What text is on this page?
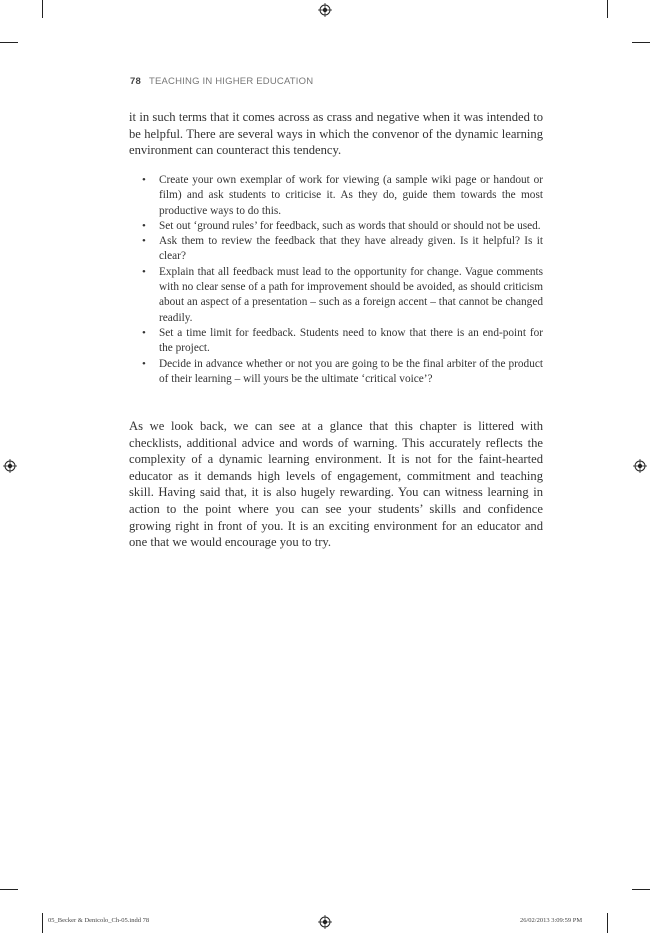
78 TEACHING IN HIGHER EDUCATION

it in such terms that it comes across as crass and negative when it was intended to be helpful. There are several ways in which the convenor of the dynamic learning environment can counteract this tendency.

• Create your own exemplar of work for viewing (a sample wiki page or handout or film) and ask students to criticise it. As they do, guide them towards the most productive ways to do this.
• Set out ‘ground rules’ for feedback, such as words that should or should not be used.
• Ask them to review the feedback that they have already given. Is it helpful? Is it clear?
• Explain that all feedback must lead to the opportunity for change. Vague comments with no clear sense of a path for improvement should be avoided, as should criticism about an aspect of a presentation – such as a foreign accent – that cannot be changed readily.
• Set a time limit for feedback. Students need to know that there is an end-point for the project.
• Decide in advance whether or not you are going to be the final arbiter of the product of their learning – will yours be the ultimate ‘critical voice’?

As we look back, we can see at a glance that this chapter is littered with checklists, additional advice and words of warning. This accurately reflects the complexity of a dynamic learning environment. It is not for the faint-hearted educator as it demands high levels of engagement, commitment and teaching skill. Having said that, it is also hugely rewarding. You can witness learning in action to the point where you can see your students’ skills and confidence growing right in front of you. It is an exciting environment for an educator and one that we would encourage you to try.

05_Becker & Denicolo_Ch-05.indd 78	26/02/2013 3:09:59 PM
